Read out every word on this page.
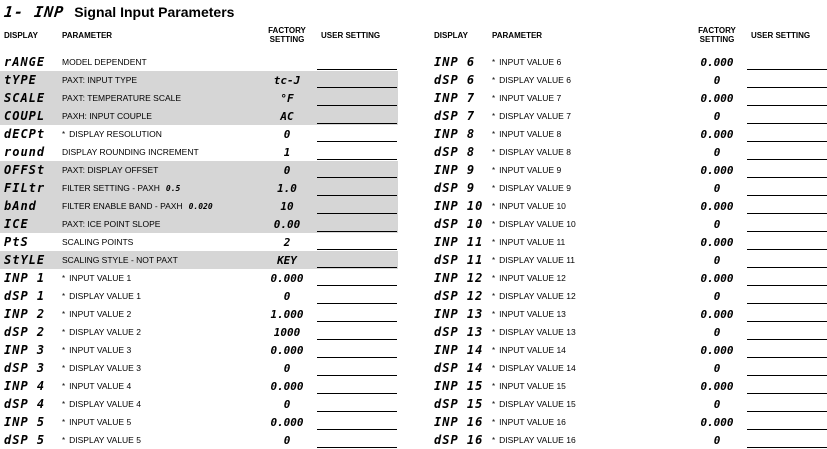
1- INP Signal Input Parameters
DISPLAY	PARAMETER
FACTORY
SETTING	USER SETTING
rANGE MODEL DEPENDENT
tYPE	PAXT: INPUT TYPE	tc-J
SCALE PAXT: TEMPERATURE SCALE	°F
COUPL PAXH: INPUT COUPLE	AC
dECPt * DISPLAY RESOLUTION	0
round DISPLAY ROUNDING INCREMENT	1
OFFSt PAXT: DISPLAY OFFSET	0
FILtr FILTER SETTING - PAXH 0.5	1.0
bAnd	FILTER ENABLE BAND - PAXH 0.020	10
ICE	PAXT: ICE POINT SLOPE	0.00
PtS	SCALING POINTS	2
StYLE SCALING STYLE - NOT PAXT	KEY
INP 1 * INPUT VALUE 1	0.000
dSP 1 * DISPLAY VALUE 1	0
INP 2 * INPUT VALUE 2	1.000
dSP 2 * DISPLAY VALUE 2	1000
INP 3 * INPUT VALUE 3	0.000
dSP 3 * DISPLAY VALUE 3	0
INP 4 * INPUT VALUE 4	0.000
dSP 4 * DISPLAY VALUE 4	0
INP 5 * INPUT VALUE 5	0.000
dSP 5 * DISPLAY VALUE 5	0
DISPLAY	PARAMETER
FACTORY
SETTING	USER SETTING
INP 6 * INPUT VALUE 6	0.000
dSP 6 * DISPLAY VALUE 6	0
INP 7 * INPUT VALUE 7	0.000
dSP 7 * DISPLAY VALUE 7	0
INP 8 * INPUT VALUE 8	0.000
dSP 8 * DISPLAY VALUE 8	0
INP 9 * INPUT VALUE 9	0.000
dSP 9 * DISPLAY VALUE 9	0
INP 10 * INPUT VALUE 10	0.000
dSP 10 * DISPLAY VALUE 10	0
INP 11 * INPUT VALUE 11	0.000
dSP 11 * DISPLAY VALUE 11	0
INP 12 * INPUT VALUE 12	0.000
dSP 12 * DISPLAY VALUE 12	0
INP 13 * INPUT VALUE 13	0.000
dSP 13 * DISPLAY VALUE 13	0
INP 14 * INPUT VALUE 14	0.000
dSP 14 * DISPLAY VALUE 14	0
INP 15 * INPUT VALUE 15	0.000
dSP 15 * DISPLAY VALUE 15	0
INP 16 * INPUT VALUE 16	0.000
dSP 16 * DISPLAY VALUE 16	0
